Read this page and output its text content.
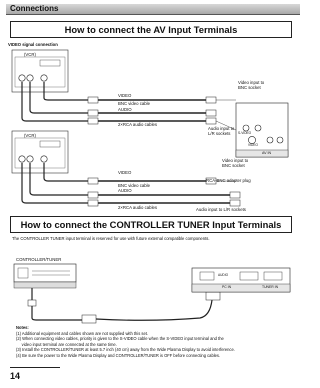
Connections
How to connect the AV Input Terminals
VIDEO signal connection
(VCR)
VIDEO
BNC video cable
AUDIO
2×RCA audio cables
Video input to
BNC socket
Audio input to
L/R sockets	S-VIDEO
VIDEO
AV IN
(VCR)
VIDEO
BNC video cable
AUDIO
2×RCA audio cables
Video input to
BNC socket
RCA-BNC adapter plug
Audio input to L/R sockets
How to connect the CONTROLLER TUNER Input Terminals
The CONTROLLER TUNER input terminal is reserved for use with future external compatible components.
CONTROLLER/TUNER
AUDIO
PC IN	TUNER IN
Notes:
(1) Additional equipment and cables shown are not supplied with this set.
(2) When connecting video cables, priority is given to the S-VIDEO cable when the S-VIDEO input terminal and the
video input terminal are connected at the same time.
(3) Install the CONTROLLER/TUNER at least 5.7 inch (40 cm) away from the Wide Plasma Display to avoid interference.
(4) Be sure the power to the Wide Plasma Display and CONTROLLER/TUNER is OFF before connecting cables.
14
